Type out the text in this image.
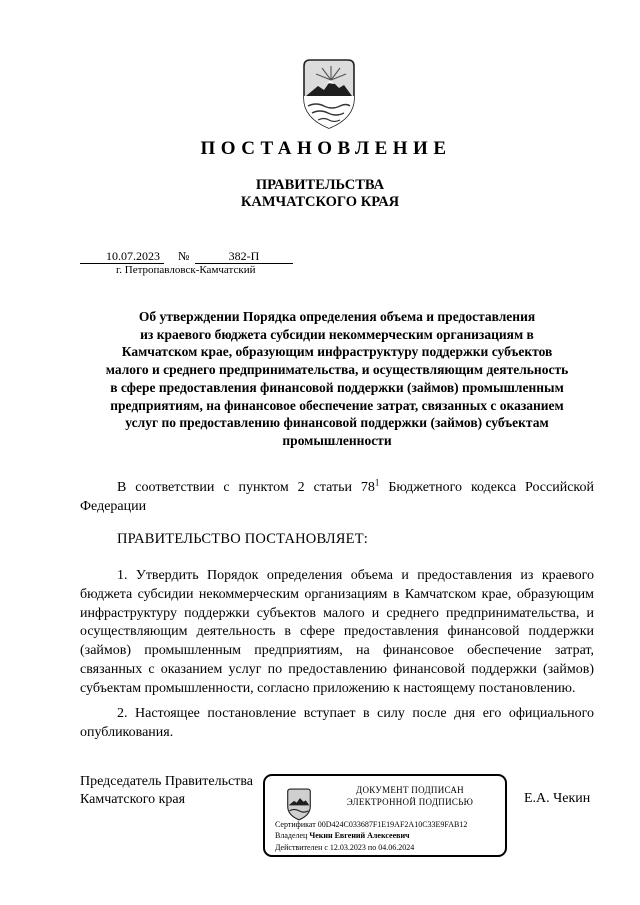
ПОСТАНОВЛЕНИЕ
ПРАВИТЕЛЬСТВА
КАМЧАТСКОГО КРАЯ
10.07.2023	№	382-П
г. Петропавловск-Камчатский
Об утверждении Порядка определения объема и предоставления
из краевого бюджета субсидии некоммерческим организациям в
Камчатском крае, образующим инфраструктуру поддержки субъектов
малого и среднего предпринимательства, и осуществляющим деятельность
в сфере предоставления финансовой поддержки (займов) промышленным
предприятиям, на финансовое обеспечение затрат, связанных с оказанием
услуг по предоставлению финансовой поддержки (займов) субъектам
промышленности
В соответствии с пунктом 2 статьи $78^1$ Бюджетного кодекса Российской Федерации
ПРАВИТЕЛЬСТВО ПОСТАНОВЛЯЕТ:
1. Утвердить Порядок определения объема и предоставления из краевого бюджета субсидии некоммерческим организациям в Камчатском крае, образующим инфраструктуру поддержки субъектов малого и среднего предпринимательства, и осуществляющим деятельность в сфере предоставления финансовой поддержки (займов) промышленным предприятиям, на финансовое обеспечение затрат, связанных с оказанием услуг по предоставлению финансовой поддержки (займов) субъектам промышленности, согласно приложению к настоящему постановлению.
2. Настоящее постановление вступает в силу после дня его официального опубликования.
Председатель Правительства
Камчатского края	Е.А. Чекин
ДОКУМЕНТ ПОДПИСАН
ЭЛЕКТРОННОЙ ПОДПИСЬЮ
Сертификат 00D424C033687F1E19AF2A10C33E9FAB12
Владелец Чекин Евгений Алексеевич
Действителен с 12.03.2023 по 04.06.2024
